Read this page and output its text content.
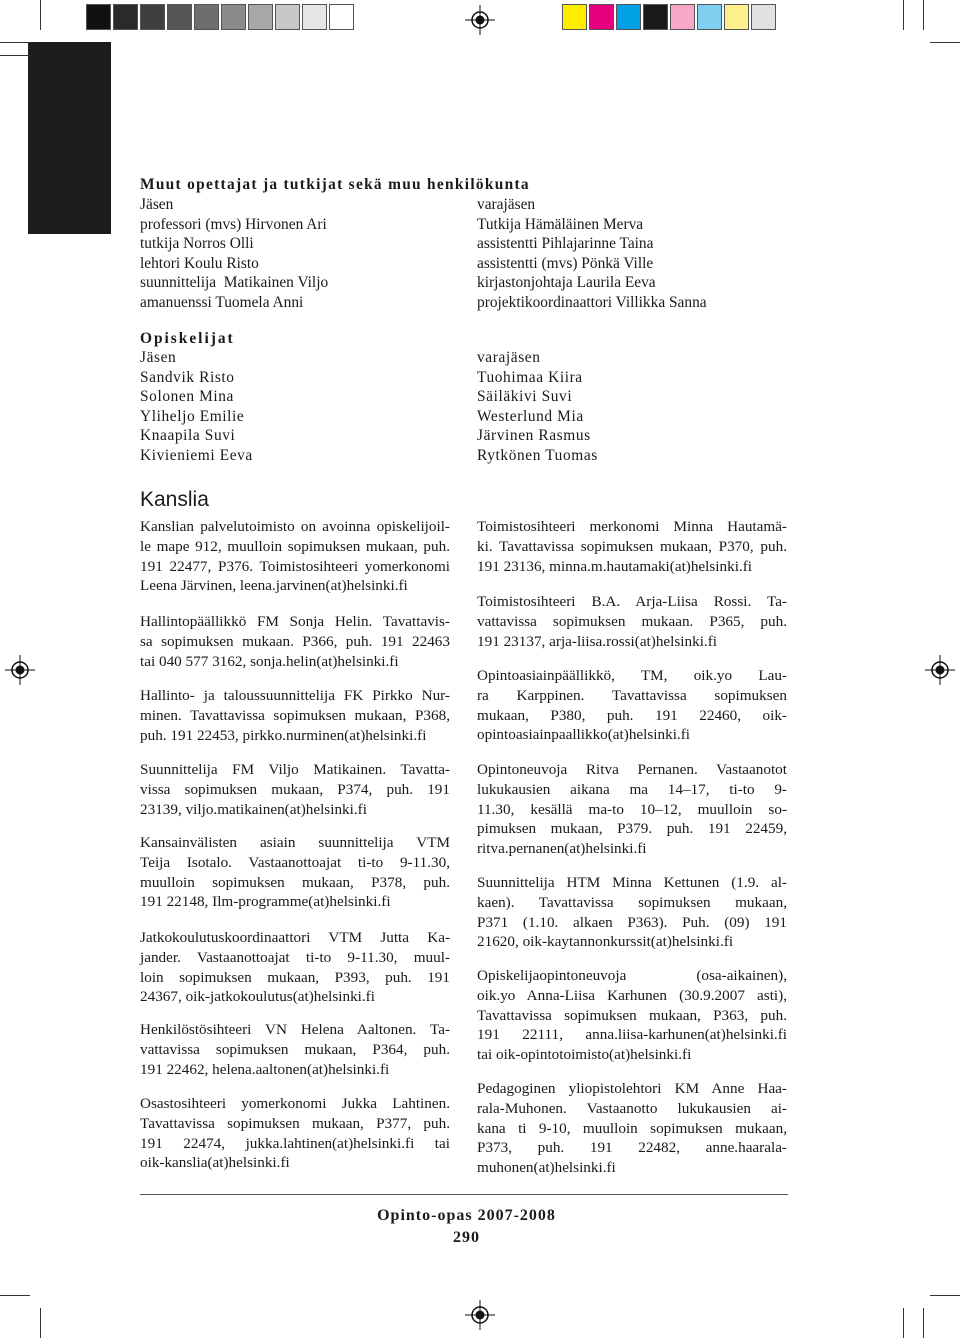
Muut opettajat ja tutkijat sekä muu henkilökunta
Jäsen
professori (mvs) Hirvonen Ari
tutkija Norros Olli
lehtori Koulu Risto
suunnittelija  Matikainen Viljo
amanuenssi Tuomela Anni
varajäsen
Tutkija Hämäläinen Merva
assistentti Pihlajarinne Taina
assistentti (mvs) Pönkä Ville
kirjastonjohtaja Laurila Eeva
projektikoordinaattori Villikka Sanna
Opiskelijat
Jäsen
Sandvik Risto
Solonen Mina
Yliheljo Emilie
Knaapila Suvi
Kivieniemi Eeva
varajäsen
Tuohimaa Kiira
Säiläkivi Suvi
Westerlund Mia
Järvinen Rasmus
Rytkönen Tuomas
Kanslia
Kanslian palvelutoimisto on avoinna opiskelijoil-
le mape 912, muulloin sopimuksen mukaan, puh.
191 22477, P376. Toimistosihteeri yomerkonomi
Leena Järvinen, leena.jarvinen(at)helsinki.fi
Hallintopäällikkö FM Sonja Helin. Tavattavis-
sa sopimuksen mukaan. P366, puh. 191 22463
tai 040 577 3162, sonja.helin(at)helsinki.fi
Hallinto- ja taloussuunnittelija FK Pirkko Nur-
minen. Tavattavissa sopimuksen mukaan, P368,
puh. 191 22453, pirkko.nurminen(at)helsinki.fi
Suunnittelija FM Viljo Matikainen. Tavatta-
vissa sopimuksen mukaan, P374, puh. 191
23139, viljo.matikainen(at)helsinki.fi
Kansainvälisten asiain suunnittelija VTM
Teija Isotalo. Vastaanottoajat ti-to 9-11.30,
muulloin sopimuksen mukaan, P378, puh.
191 22148, Ilm-programme(at)helsinki.fi
Jatkokoulutuskoordinaattori VTM Jutta Ka-
jander. Vastaanottoajat ti-to 9-11.30, muul-
loin sopimuksen mukaan, P393, puh. 191
24367, oik-jatkokoulutus(at)helsinki.fi
Henkilöstösihteeri VN Helena Aaltonen. Ta-
vattavissa sopimuksen mukaan, P364, puh.
191 22462, helena.aaltonen(at)helsinki.fi
Osastosihteeri yomerkonomi Jukka Lahtinen.
Tavattavissa sopimuksen mukaan, P377, puh.
191 22474, jukka.lahtinen(at)helsinki.fi tai
oik-kanslia(at)helsinki.fi
Toimistosihteeri merkonomi Minna Hautamä-
ki. Tavattavissa sopimuksen mukaan, P370, puh.
191 23136, minna.m.hautamaki(at)helsinki.fi
Toimistosihteeri B.A. Arja-Liisa Rossi. Ta-
vattavissa sopimuksen mukaan. P365, puh.
191 23137, arja-liisa.rossi(at)helsinki.fi
Opintoasiainpäällikkö, TM, oik.yo Lau-
ra Karppinen. Tavattavissa sopimuksen
mukaan, P380, puh. 191 22460, oik-
opintoasiainpaallikko(at)helsinki.fi
Opintoneuvoja Ritva Pernanen. Vastaanotot
lukukausien aikana ma 14–17, ti-to 9-
11.30, kesällä ma-to 10–12, muulloin so-
pimuksen mukaan, P379. puh. 191 22459,
ritva.pernanen(at)helsinki.fi
Suunnittelija HTM Minna Kettunen (1.9. al-
kaen). Tavattavissa sopimuksen mukaan,
P371 (1.10. alkaen P363). Puh. (09) 191
21620, oik-kaytannonkurssit(at)helsinki.fi
Opiskelijaopintoneuvoja (osa-aikainen),
oik.yo Anna-Liisa Karhunen (30.9.2007 asti),
Tavattavissa sopimuksen mukaan, P363, puh.
191 22111, anna.liisa-karhunen(at)helsinki.fi
tai oik-opintotoimisto(at)helsinki.fi
Pedagoginen yliopistolehtori KM Anne Haa-
rala-Muhonen. Vastaanotto lukukausien ai-
kana ti 9-10, muulloin sopimuksen mukaan,
P373, puh. 191 22482, anne.haarala-
muhonen(at)helsinki.fi
Opinto-opas 2007-2008
290
